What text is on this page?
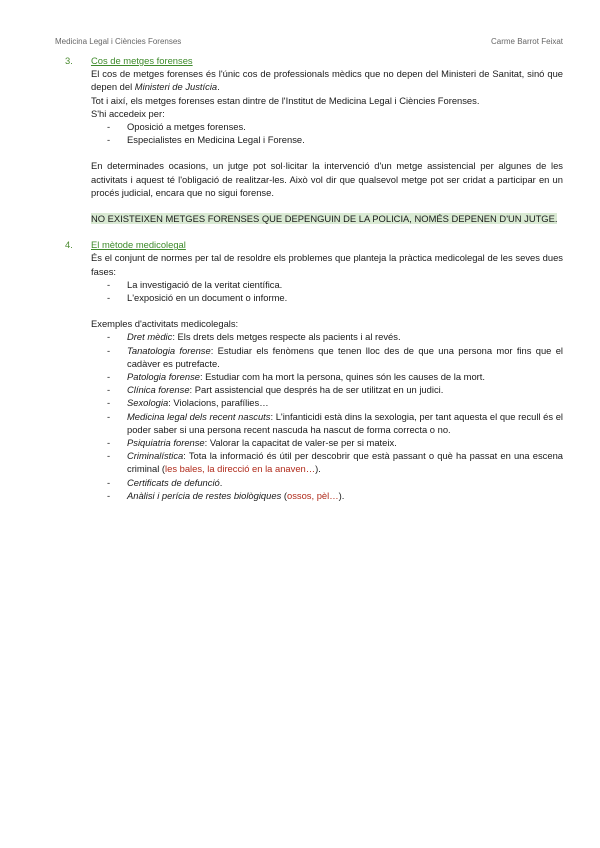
Medicina Legal i Ciències Forenses	Carme Barrot Feixat
3. Cos de metges forenses

El cos de metges forenses és l'únic cos de professionals mèdics que no depen del Ministeri de Sanitat, sinó que depen del Ministeri de Justícia.

Tot i així, els metges forenses estan dintre de l'Institut de Medicina Legal i Ciències Forenses.

S'hi accedeix per:

- Oposició a metges forenses.
- Especialistes en Medicina Legal i Forense.

En determinades ocasions, un jutge pot sol·licitar la intervenció d'un metge assistencial per algunes de les activitats i aquest té l'obligació de realitzar-les. Això vol dir que qualsevol metge pot ser cridat a participar en un procés judicial, encara que no sigui forense.

NO EXISTEIXEN METGES FORENSES QUE DEPENGUIN DE LA POLICIA, NOMÉS DEPENEN D'UN JUTGE.

4. El mètode medicolegal

És el conjunt de normes per tal de resoldre els problemes que planteja la pràctica medicolegal de les seves dues fases:

- La investigació de la veritat científica.
- L'exposició en un document o informe.

Exemples d'activitats medicolegals:

- Dret mèdic: Els drets dels metges respecte als pacients i al revés.
- Tanatologia forense: Estudiar els fenòmens que tenen lloc des de que una persona mor fins que el cadàver es putrefacte.
- Patologia forense: Estudiar com ha mort la persona, quines són les causes de la mort.
- Clínica forense: Part assistencial que després ha de ser utilitzat en un judici.
- Sexologia: Violacions, parafílies…
- Medicina legal dels recent nascuts: L'infanticidi està dins la sexologia, per tant aquesta el que recull és el poder saber si una persona recent nascuda ha nascut de forma correcta o no.
- Psiquiatria forense: Valorar la capacitat de valer-se per si mateix.
- Criminalística: Tota la informació és útil per descobrir que està passant o què ha passat en una escena criminal (les bales, la direcció en la anaven…).
- Certificats de defunció.
- Anàlisi i perícia de restes biològiques (ossos, pèl…).
